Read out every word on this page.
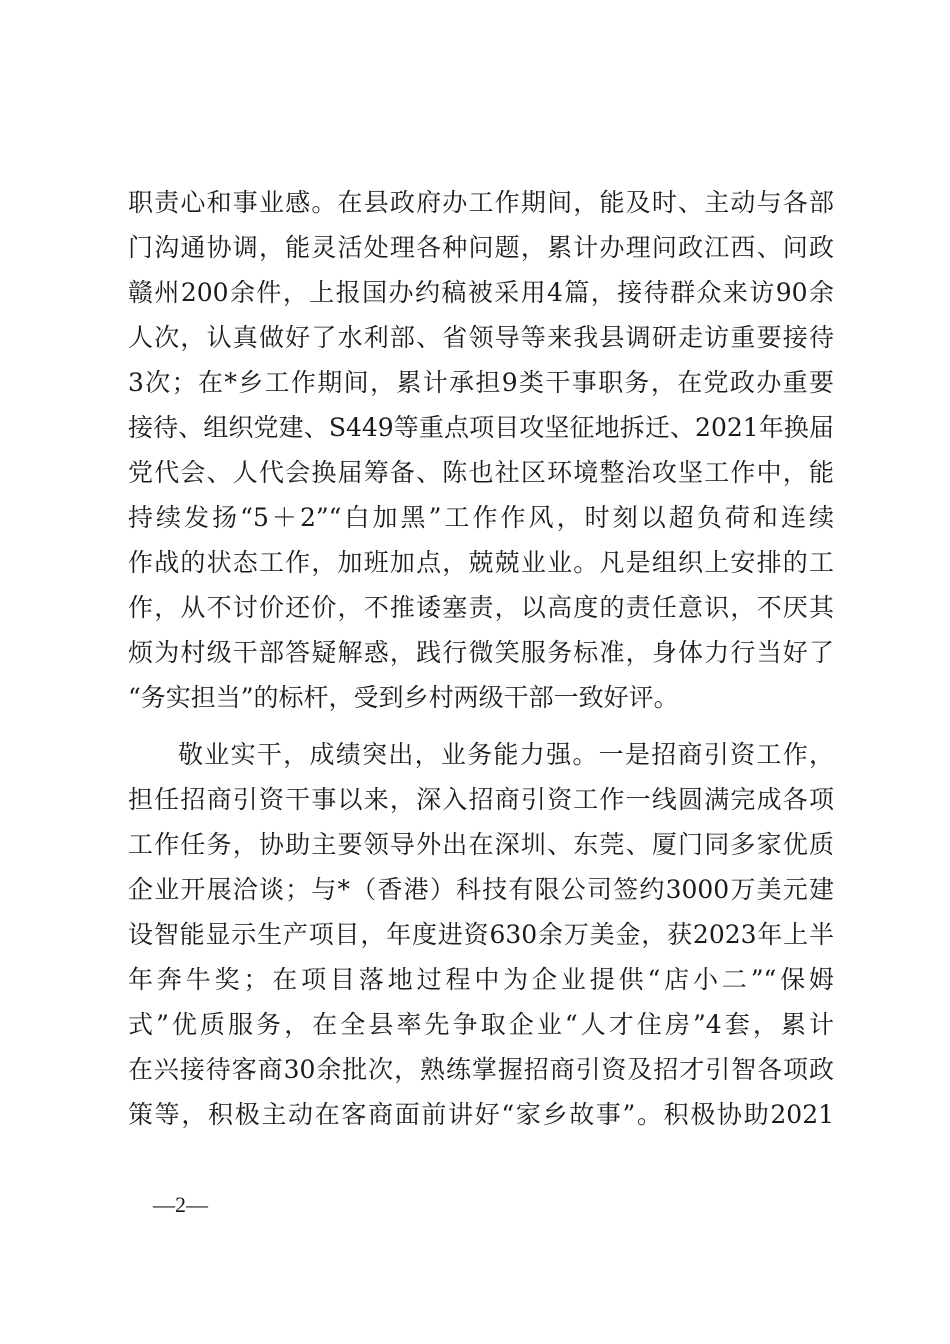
职责心和事业感。在县政府办工作期间，能及时、主动与各部
门沟通协调，能灵活处理各种问题，累计办理问政江西、问政
赣州200余件，上报国办约稿被采用4篇，接待群众来访90余
人次，认真做好了水利部、省领导等来我县调研走访重要接待
3次；在*乡工作期间，累计承担9类干事职务，在党政办重要
接待、组织党建、S449等重点项目攻坚征地拆迁、2021年换届
党代会、人代会换届筹备、陈也社区环境整治攻坚工作中，能
持续发扬“5＋2”“白加黑”工作作风，时刻以超负荷和连续
作战的状态工作，加班加点，兢兢业业。凡是组织上安排的工
作，从不讨价还价，不推诿塞责，以高度的责任意识，不厌其
烦为村级干部答疑解惑，践行微笑服务标准，身体力行当好了
“务实担当”的标杆，受到乡村两级干部一致好评。
敬业实干，成绩突出，业务能力强。一是招商引资工作，
担任招商引资干事以来，深入招商引资工作一线圆满完成各项
工作任务，协助主要领导外出在深圳、东莞、厦门同多家优质
企业开展洽谈；与*（香港）科技有限公司签约3000万美元建
设智能显示生产项目，年度进资630余万美金，获2023年上半
年奔牛奖；在项目落地过程中为企业提供“店小二”“保姆
式”优质服务，在全县率先争取企业“人才住房”4套，累计
在兴接待客商30余批次，熟练掌握招商引资及招才引智各项政
策等，积极主动在客商面前讲好“家乡故事”。积极协助2021
—2—
